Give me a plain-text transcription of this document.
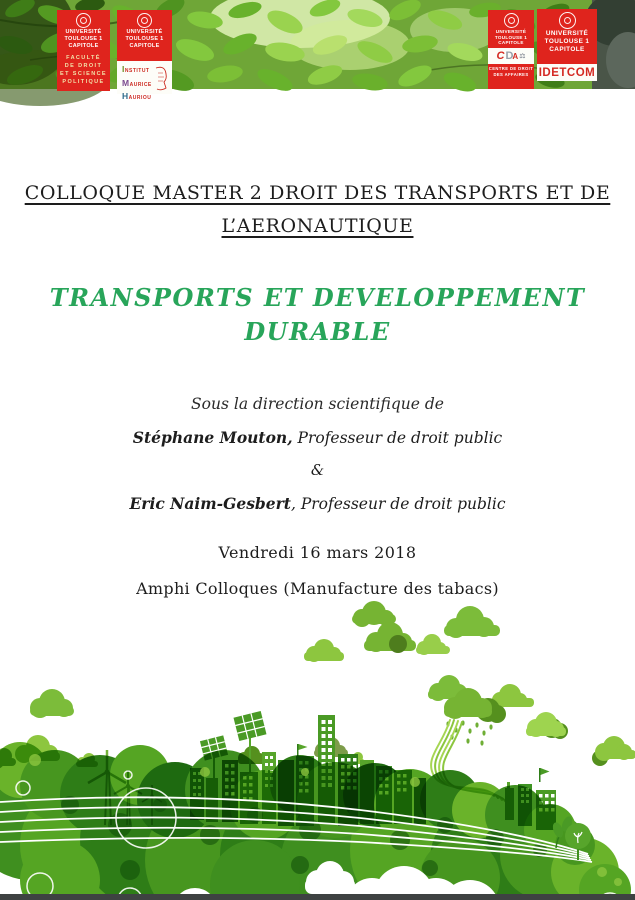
UNIVERSITÉ TOULOUSE 1 CAPITOLE
FACULTÉ DE DROIT ET SCIENCE POLITIQUE
UNIVERSITÉ TOULOUSE 1 CAPITOLE
INSTITUT
MAURICE
HAURIOU
UNIVERSITÉ TOULOUSE 1 CAPITOLE
C D A ⚖
CENTRE DE DROIT DES AFFAIRES
UNIVERSITÉ TOULOUSE 1 CAPITOLE
IDETCOM
COLLOQUE MASTER 2 DROIT DES TRANSPORTS ET DE
L’AERONAUTIQUE
TRANSPORTS ET DEVELOPPEMENT
DURABLE
Sous la direction scientifique de
Stéphane Mouton, Professeur de droit public
&
Eric Naim-Gesbert, Professeur de droit public
Vendredi 16 mars 2018
Amphi Colloques (Manufacture des tabacs)
